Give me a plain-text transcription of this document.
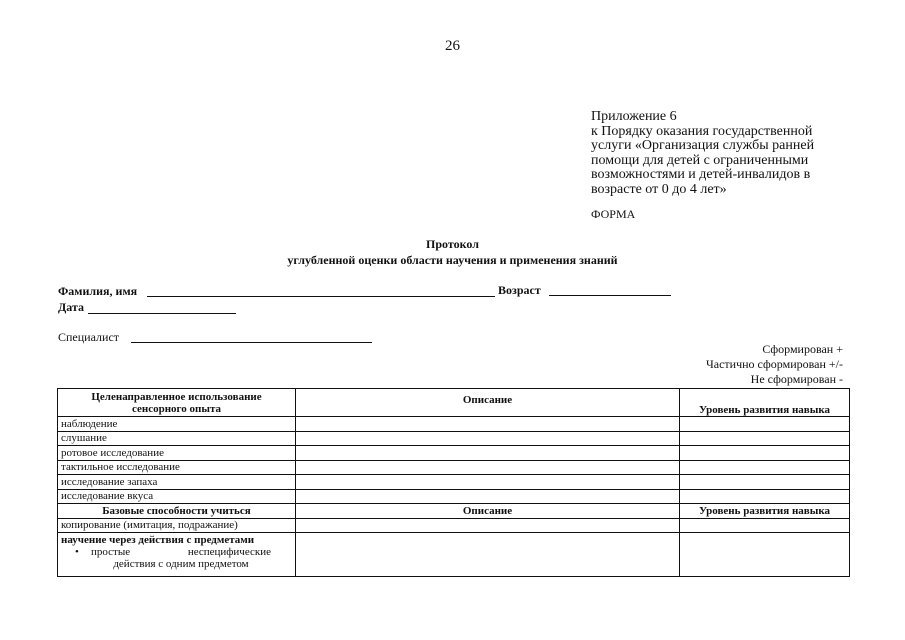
26
Приложение 6
к Порядку оказания государственной
услуги «Организация службы ранней
помощи для детей с ограниченными
возможностями и детей-инвалидов в
возрасте от 0 до 4 лет»
ФОРМА
Протокол
углубленной оценки области научения и применения знаний
Фамилия, имя	Возраст
Дата
Специалист
Сформирован +
Частично сформирован +/-
Не сформирован -
Целенаправленное использование
сенсорного опыта	Описание	Уровень развития навыка
наблюдение		
слушание		
ротовое исследование		
тактильное исследование		
исследование запаха		
исследование вкуса		
Базовые способности учиться	Описание	Уровень развития навыка
копирование (имитация, подражание)		

научение через действия с предметами
• простые неспецифические
действия с одним предметом		
